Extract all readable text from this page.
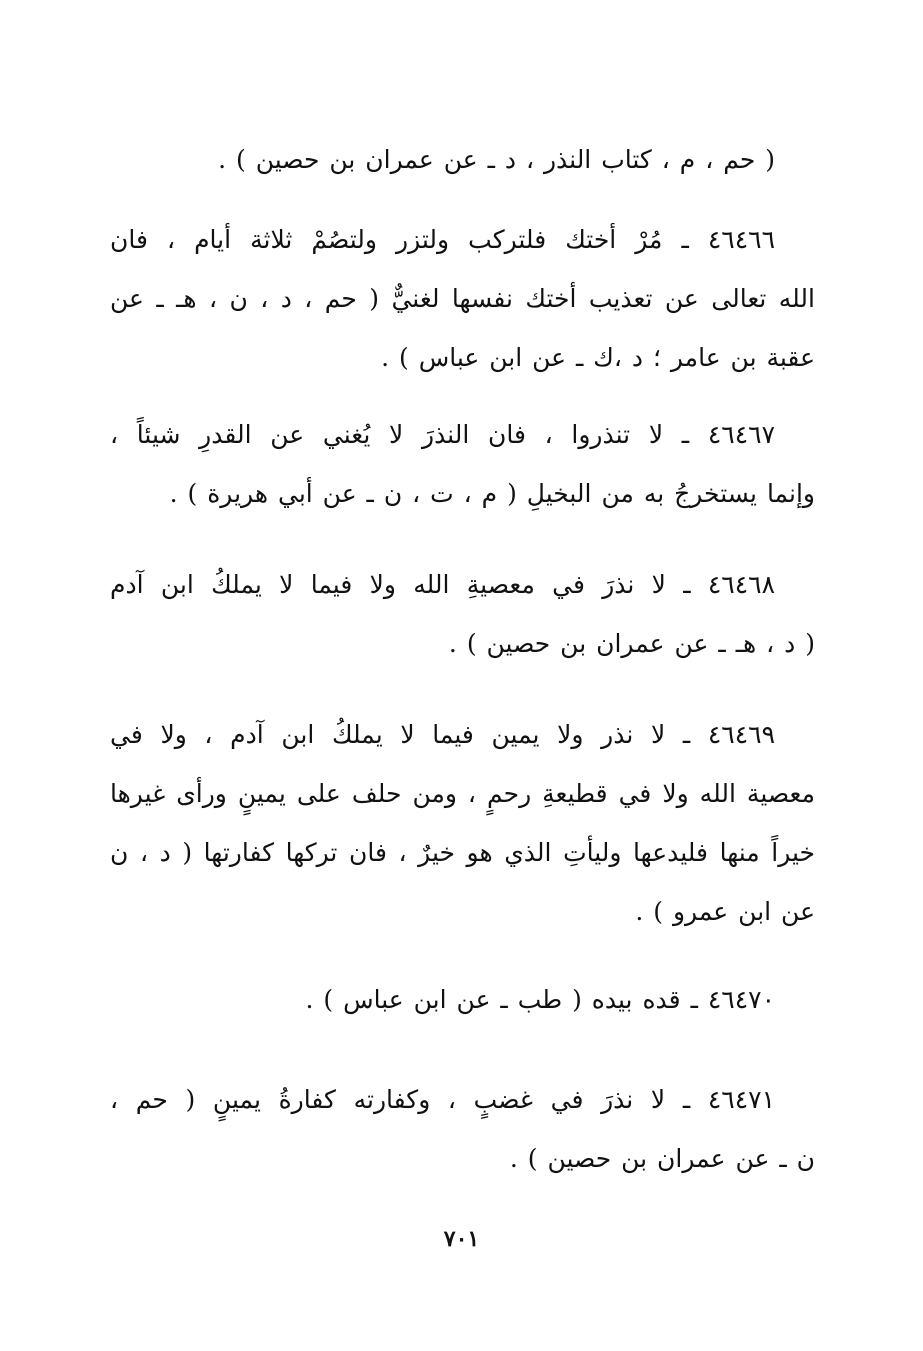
( حم ، م ، كتاب النذر ، د ـ عن عمران بن حصين ) .
٤٦٤٦٦ ـ مُرْ أختك فلتركب ولتزر ولتصُمْ ثلاثة أيام ، فان
الله تعالى عن تعذيب أختك نفسها لغنيٌّ ( حم ، د ، ن ، هـ ـ عن
عقبة بن عامر ؛ د ،ك ـ عن ابن عباس ) .
٤٦٤٦٧ ـ لا تنذروا ، فان النذرَ لا يُغني عن القدرِ شيئاً ،
وإنما يستخرجُ به من البخيلِ ( م ، ت ، ن ـ عن أبي هريرة ) .
٤٦٤٦٨ ـ لا نذرَ في معصيةِ الله ولا فيما لا يملكُ ابن آدم
( د ، هـ ـ عن عمران بن حصين ) .
٤٦٤٦٩ ـ لا نذر ولا يمين فيما لا يملكُ ابن آدم ، ولا في
معصية الله ولا في قطيعةِ رحمٍ ، ومن حلف على يمينٍ ورأى غيرها
خيراً منها فليدعها وليأتِ الذي هو خيرٌ ، فان تركها كفارتها ( د ، ن
عن ابن عمرو ) .
٤٦٤٧٠ ـ قده بيده ( طب ـ عن ابن عباس ) .
٤٦٤٧١ ـ لا نذرَ في غضبٍ ، وكفارته كفارةُ يمينٍ ( حم ،
ن ـ عن عمران بن حصين ) .
٧٠١
